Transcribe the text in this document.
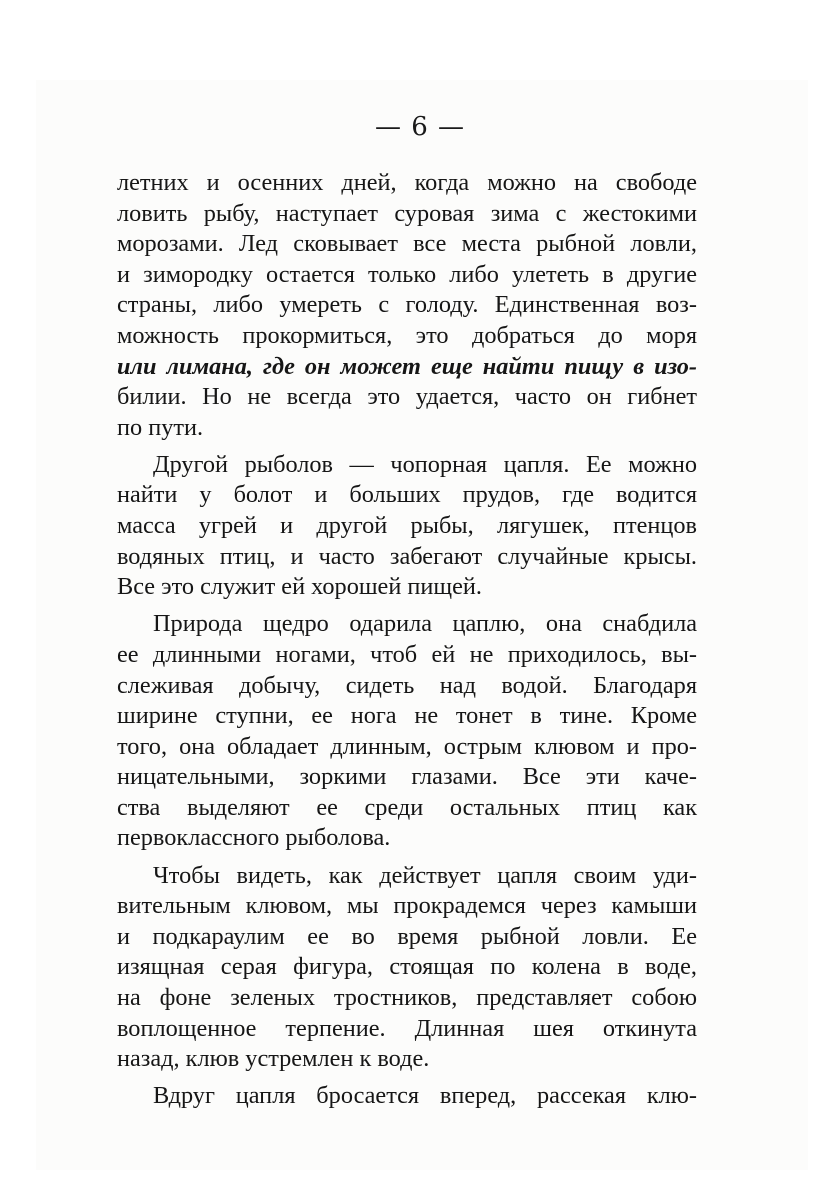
— 6 —
летних и осенних дней, когда можно на свободе
ловить рыбу, наступает суровая зима с жестокими
морозами. Лед сковывает все места рыбной ловли,
и зимородку остается только либо улететь в другие
страны, либо умереть с голоду. Единственная воз-
можность прокормиться, это добраться до моря
или лимана, где он может еще найти пищу в изо-
билии. Но не всегда это удается, часто он гибнет
по пути.
Другой рыболов — чопорная цапля. Ее можно
найти у болот и больших прудов, где водится
масса угрей и другой рыбы, лягушек, птенцов
водяных птиц, и часто забегают случайные крысы.
Все это служит ей хорошей пищей.
Природа щедро одарила цаплю, она снабдила
ее длинными ногами, чтоб ей не приходилось, вы-
слеживая добычу, сидеть над водой. Благодаря
ширине ступни, ее нога не тонет в тине. Кроме
того, она обладает длинным, острым клювом и про-
ницательными, зоркими глазами. Все эти каче-
ства выделяют ее среди остальных птиц как
первоклассного рыболова.
Чтобы видеть, как действует цапля своим уди-
вительным клювом, мы прокрадемся через камыши
и подкараулим ее во время рыбной ловли. Ее
изящная серая фигура, стоящая по колена в воде,
на фоне зеленых тростников, представляет собою
воплощенное терпение. Длинная шея откинута
назад, клюв устремлен к воде.
Вдруг цапля бросается вперед, рассекая клю-
